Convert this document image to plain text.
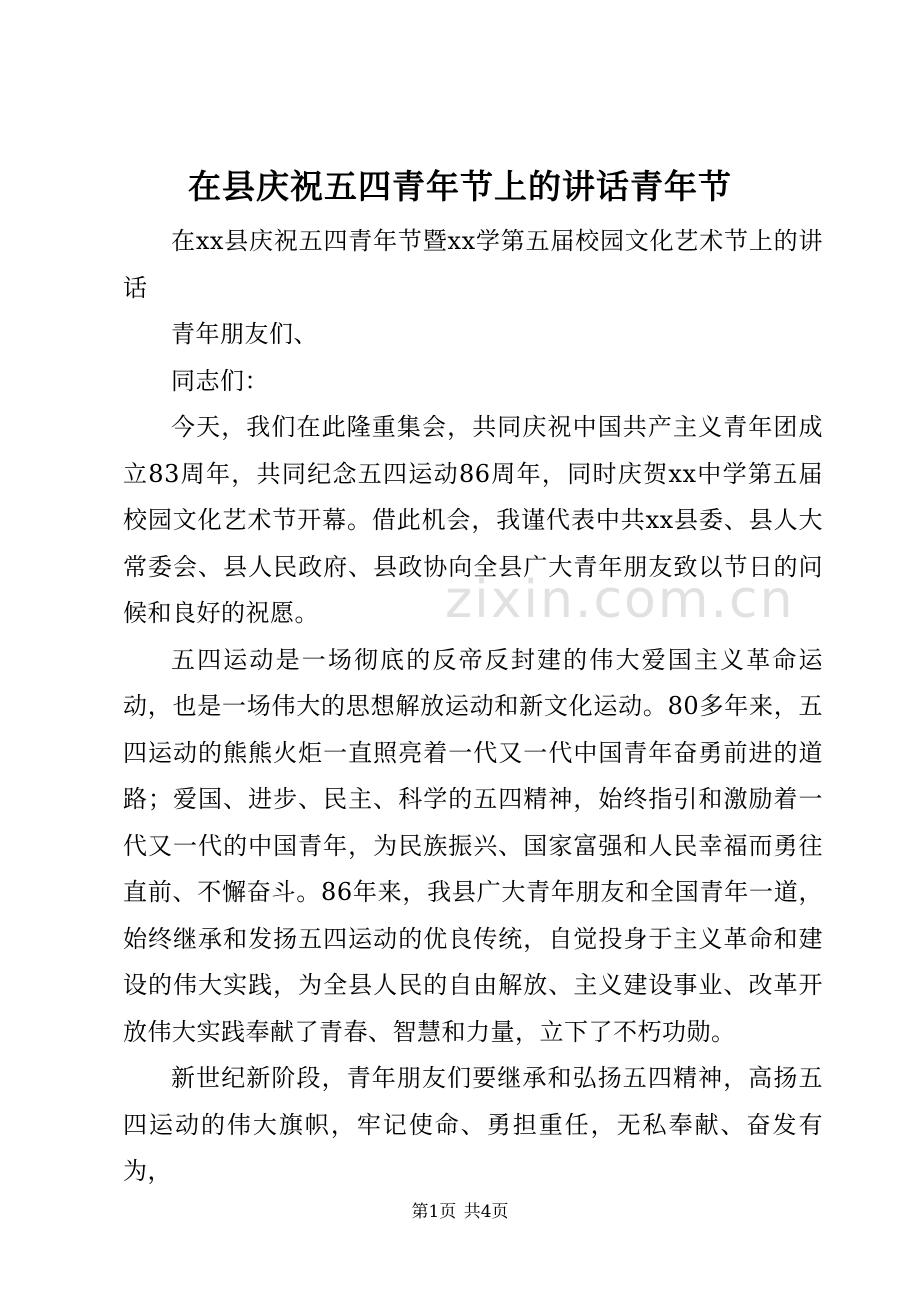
在县庆祝五四青年节上的讲话青年节

在xx县庆祝五四青年节暨xx学第五届校园文化艺术节上的讲话

青年朋友们、

同志们：

今天，我们在此隆重集会，共同庆祝中国共产主义青年团成立83周年，共同纪念五四运动86周年，同时庆贺xx中学第五届校园文化艺术节开幕。借此机会，我谨代表中共xx县委、县人大常委会、县人民政府、县政协向全县广大青年朋友致以节日的问候和良好的祝愿。

五四运动是一场彻底的反帝反封建的伟大爱国主义革命运动，也是一场伟大的思想解放运动和新文化运动。80多年来，五四运动的熊熊火炬一直照亮着一代又一代中国青年奋勇前进的道路；爱国、进步、民主、科学的五四精神，始终指引和激励着一代又一代的中国青年，为民族振兴、国家富强和人民幸福而勇往直前、不懈奋斗。86年来，我县广大青年朋友和全国青年一道，始终继承和发扬五四运动的优良传统，自觉投身于主义革命和建设的伟大实践，为全县人民的自由解放、主义建设事业、改革开放伟大实践奉献了青春、智慧和力量，立下了不朽功勋。

新世纪新阶段，青年朋友们要继承和弘扬五四精神，高扬五四运动的伟大旗帜，牢记使命、勇担重任，无私奉献、奋发有为，

zixin.com.cn
第1页 共4页
